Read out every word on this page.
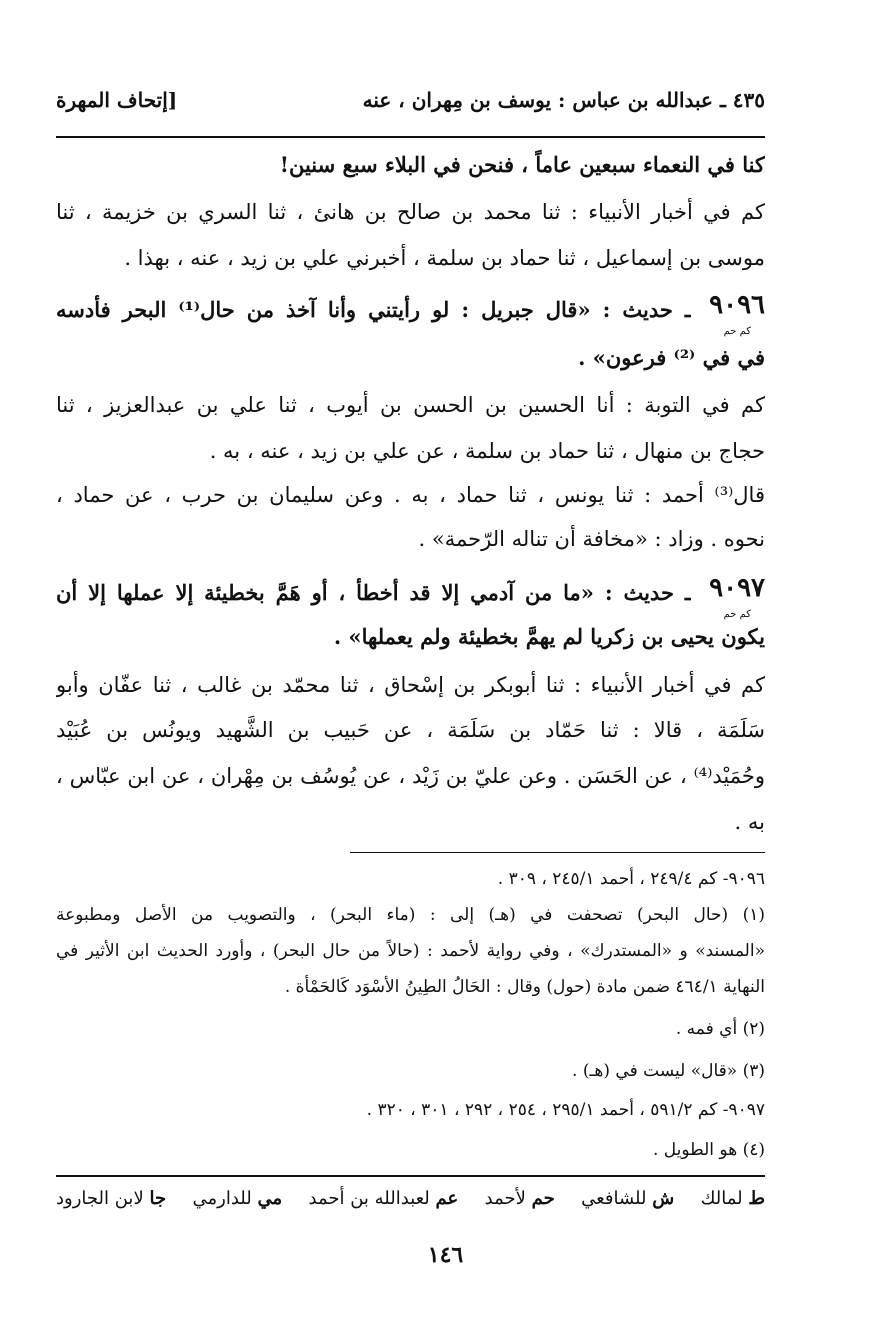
٤٣٥ ـ عبدالله بن عباس : يوسف بن مِهران ، عنه
[إتحاف المهرة
كنا في النعماء سبعين عاماً ، فنحن في البلاء سبع سنين!
كم في أخبار الأنبياء : ثنا محمد بن صالح بن هانئ ، ثنا السري بن خزيمة ، ثنا
موسى بن إسماعيل ، ثنا حماد بن سلمة ، أخبرني علي بن زيد ، عنه ، بهذا .
٩٠٩٦
ـ حديث : «قال جبريل : لو رأيتني وأنا آخذ من حال⁽¹⁾ البحر فأدسه
كم حم
في في ⁽²⁾ فرعون» .
كم في التوبة : أنا الحسين بن الحسن بن أيوب ، ثنا علي بن عبدالعزيز ، ثنا
حجاج بن منهال ، ثنا حماد بن سلمة ، عن علي بن زيد ، عنه ، به .
قال⁽³⁾ أحمد : ثنا يونس ، ثنا حماد ، به . وعن سليمان بن حرب ، عن حماد ،
نحوه . وزاد : «مخافة أن تناله الرّحمة» .
٩٠٩٧
ـ حديث : «ما من آدمي إلا قد أخطأ ، أو هَمَّ بخطيئة إلا عملها إلا أن
كم حم
يكون يحيى بن زكريا لم يهمَّ بخطيئة ولم يعملها» .
كم في أخبار الأنبياء : ثنا أبوبكر بن إسْحاق ، ثنا محمّد بن غالب ، ثنا عفّان وأبو
سَلَمَة ، قالا : ثنا حَمّاد بن سَلَمَة ، عن حَبيب بن الشَّهيد ويونُس بن عُبَيْد
وحُمَيْد⁽⁴⁾ ، عن الحَسَن . وعن عليّ بن زَيْد ، عن يُوسُف بن مِهْران ، عن ابن عبّاس ،
به .
٩٠٩٦- كم ٢٤٩/٤ ، أحمد ٢٤٥/١ ، ٣٠٩ .
(١) (حال البحر) تصحفت في (هـ) إلى : (ماء البحر) ، والتصويب من الأصل ومطبوعة
«المسند» و «المستدرك» ، وفي رواية لأحمد : (حالاً من حال البحر) ، وأورد الحديث ابن الأثير في
النهاية ٤٦٤/١ ضمن مادة (حول) وقال : الحَالُ الطِينُ الأسْوَد كَالحَمْأة .
(٢) أي فمه .
(٣) «قال» ليست في (هـ) .
٩٠٩٧- كم ٥٩١/٢ ، أحمد ٢٩٥/١ ، ٢٥٤ ، ٢٩٢ ، ٣٠١ ، ٣٢٠ .
(٤) هو الطويل .
ط لمالك
ش للشافعي
حم لأحمد
عم لعبدالله بن أحمد
مي للدارمي
جا لابن الجارود
١٤٦
